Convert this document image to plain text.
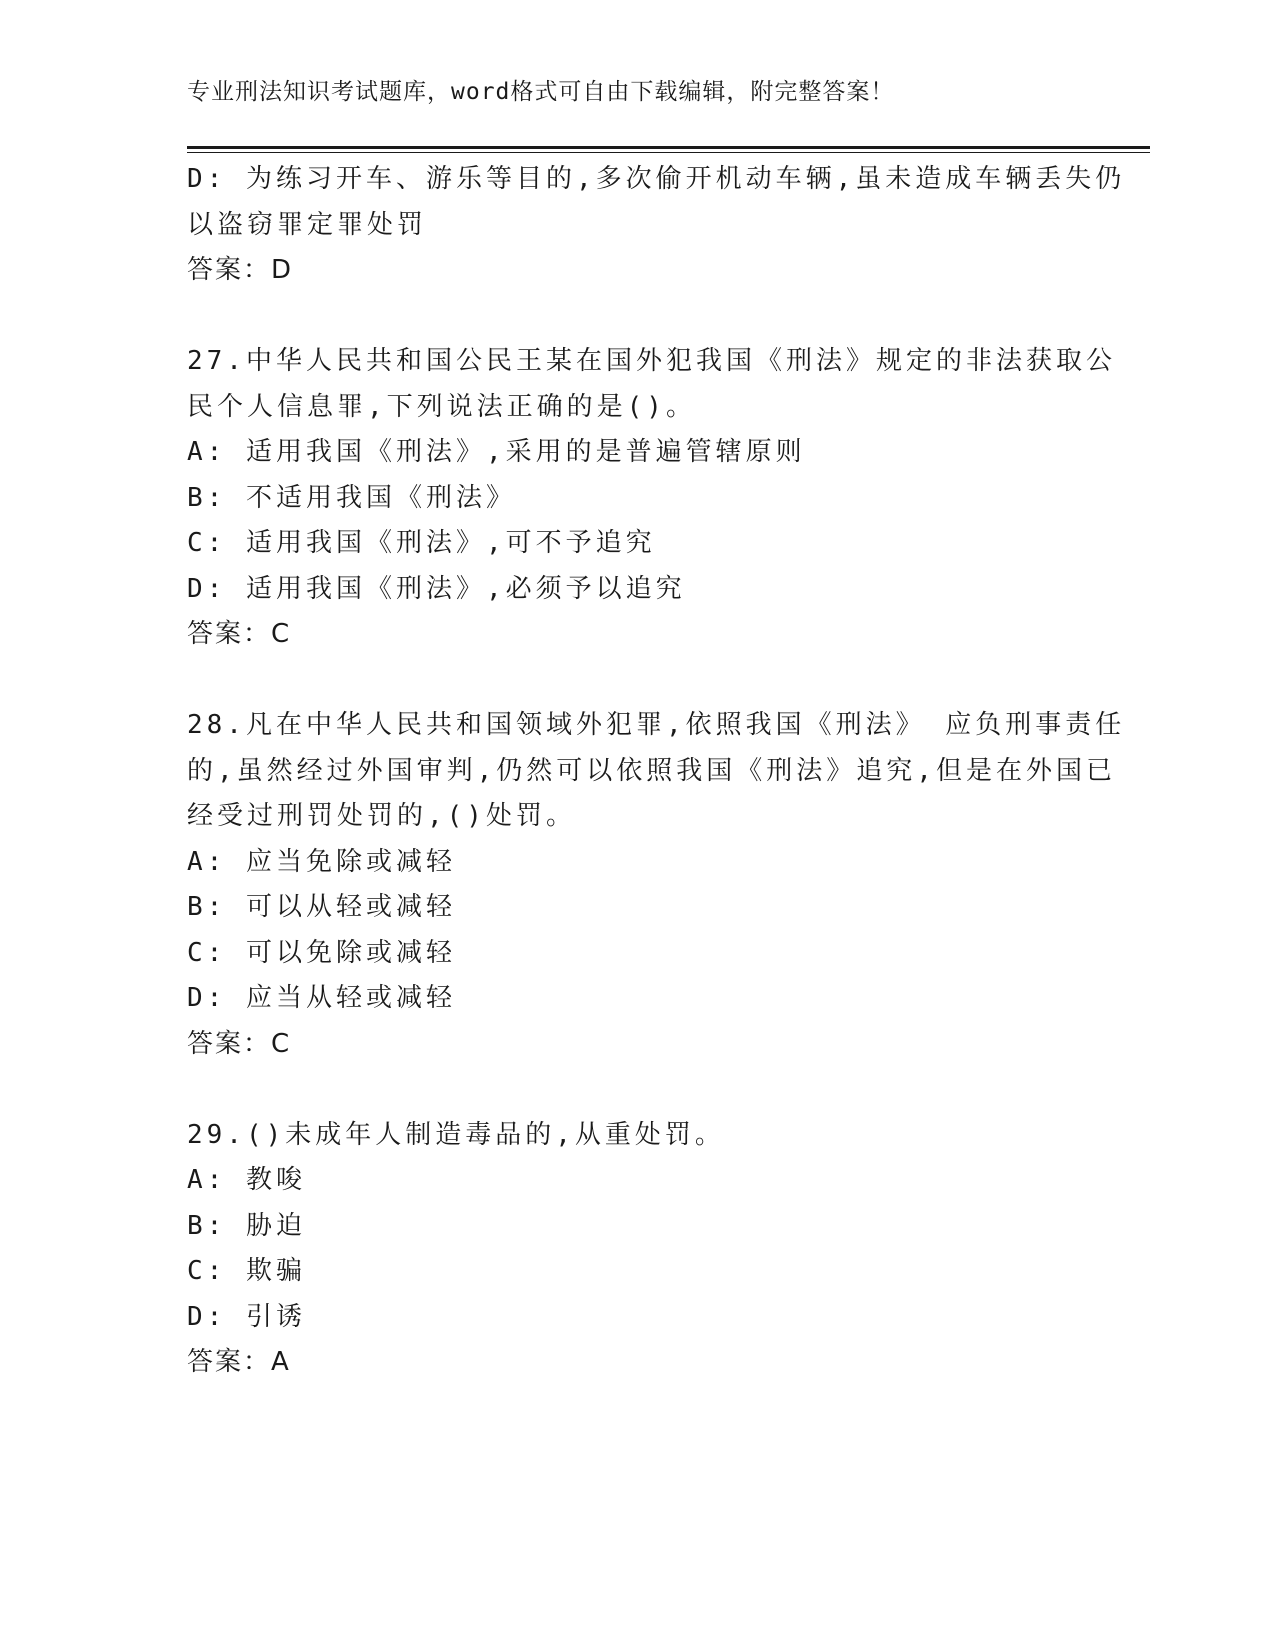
专业刑法知识考试题库，word格式可自由下载编辑，附完整答案！
D: 为练习开车、游乐等目的,多次偷开机动车辆,虽未造成车辆丢失仍
以盗窃罪定罪处罚
答案：D
27.中华人民共和国公民王某在国外犯我国《刑法》规定的非法获取公
民个人信息罪,下列说法正确的是()。
A: 适用我国《刑法》,采用的是普遍管辖原则
B: 不适用我国《刑法》
C: 适用我国《刑法》,可不予追究
D: 适用我国《刑法》,必须予以追究
答案：C
28.凡在中华人民共和国领域外犯罪,依照我国《刑法》 应负刑事责任
的,虽然经过外国审判,仍然可以依照我国《刑法》追究,但是在外国已
经受过刑罚处罚的,()处罚。
A: 应当免除或减轻
B: 可以从轻或减轻
C: 可以免除或减轻
D: 应当从轻或减轻
答案：C
29.()未成年人制造毒品的,从重处罚。
A: 教唆
B: 胁迫
C: 欺骗
D: 引诱
答案：A
